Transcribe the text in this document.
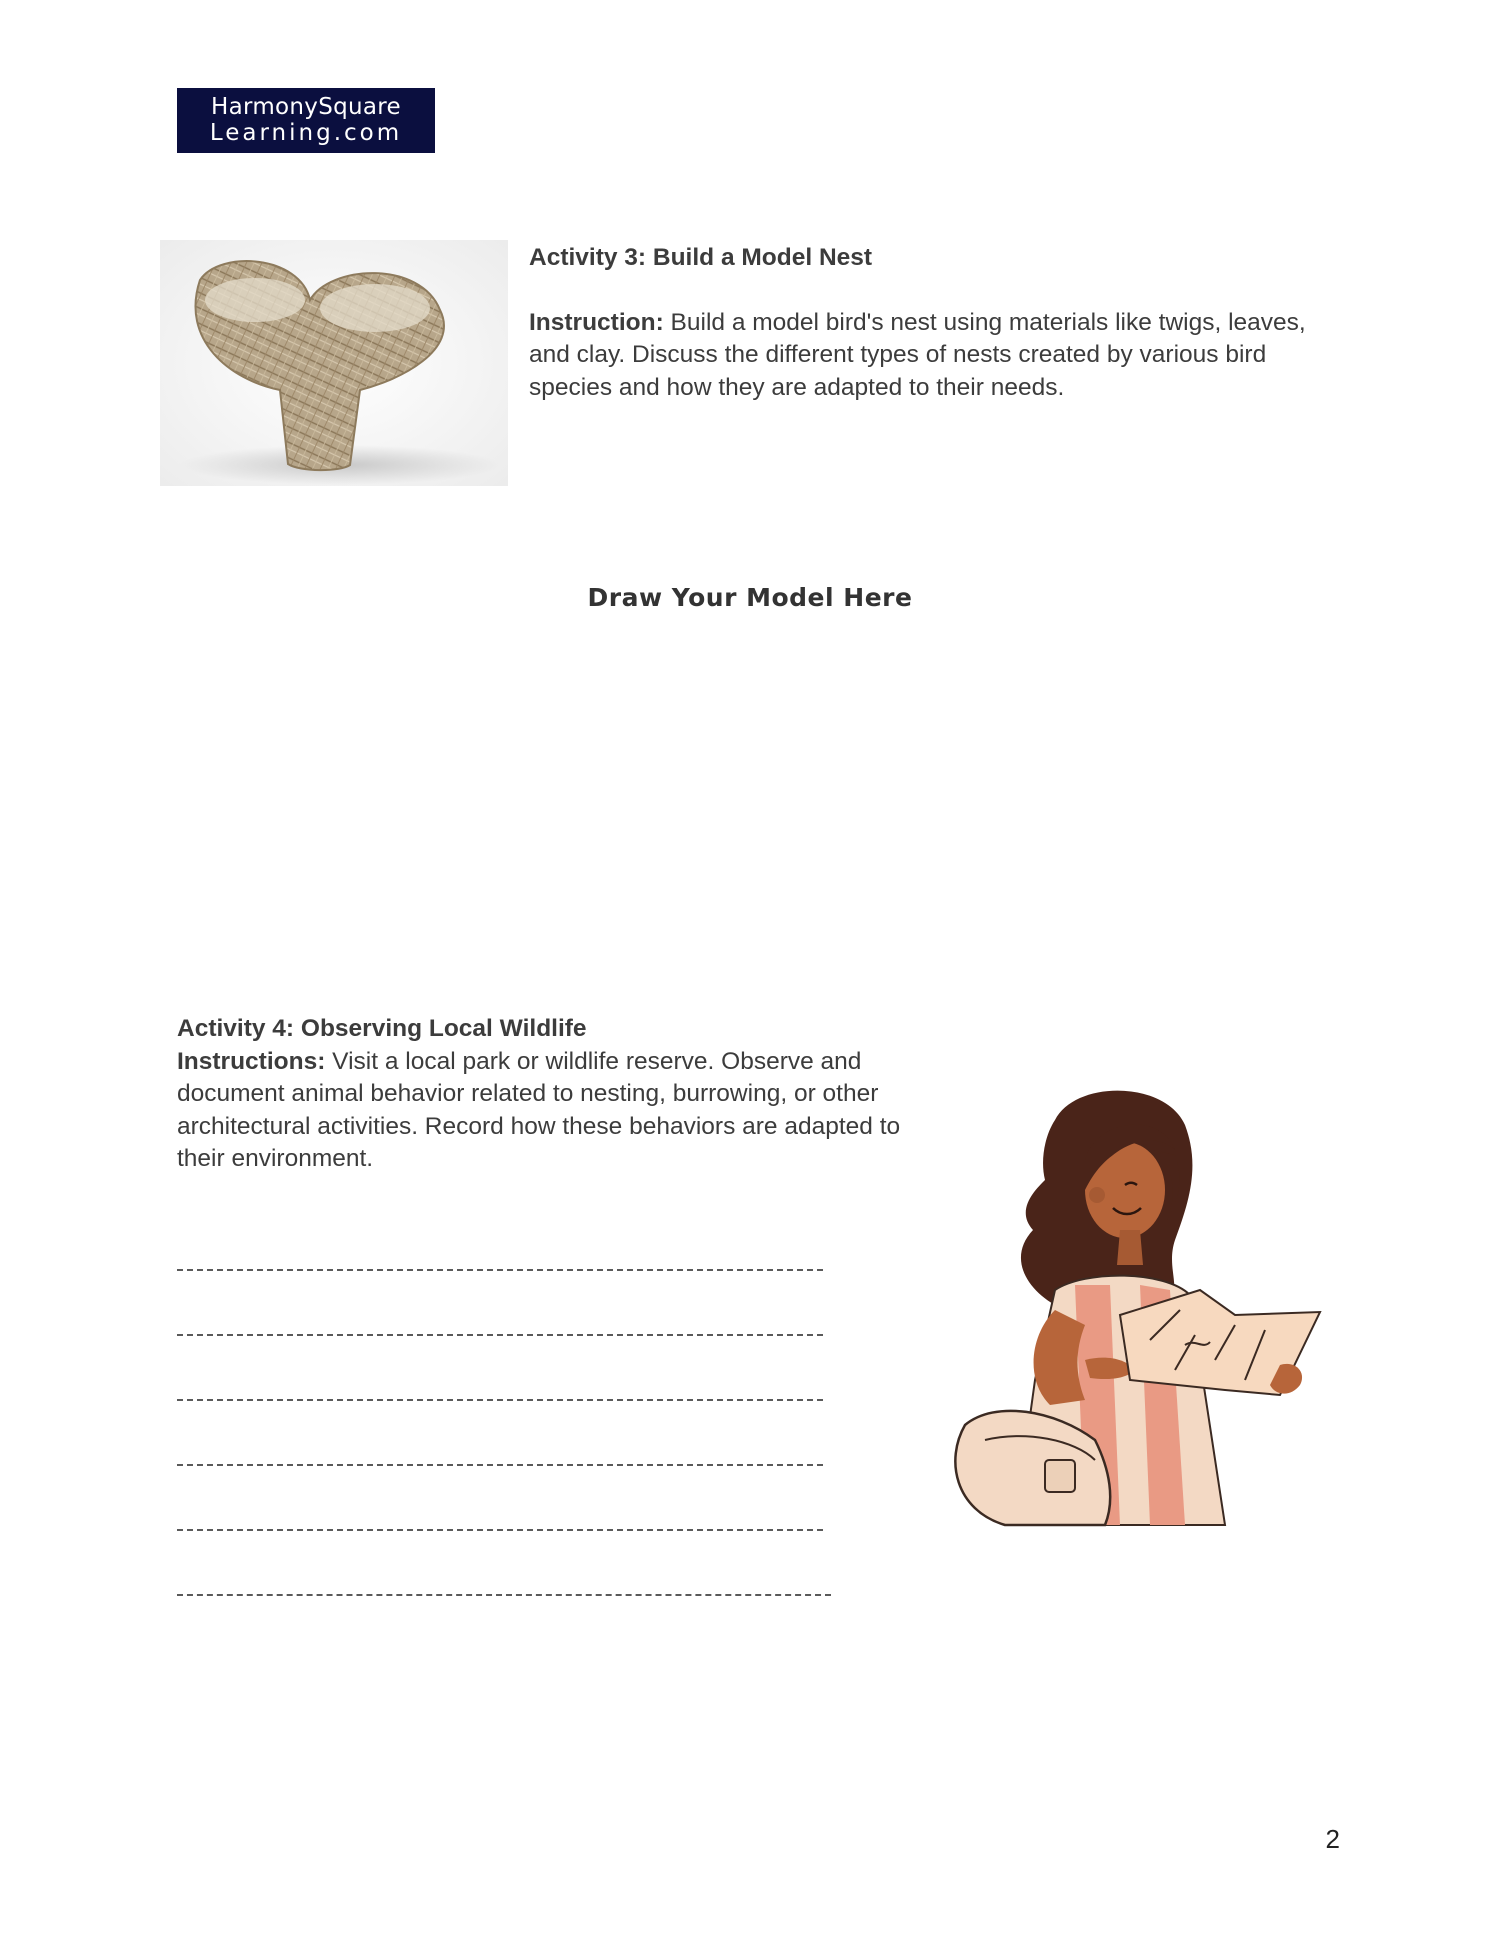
HarmonySquare
Learning.com

Activity 3: Build a Model Nest

Instruction: Build a model bird's nest using materials like twigs, leaves, and clay. Discuss the different types of nests created by various bird species and how they are adapted to their needs.

Draw Your Model Here

Activity 4: Observing Local Wildlife

Instructions: Visit a local park or wildlife reserve. Observe and document animal behavior related to nesting, burrowing, or other architectural activities. Record how these behaviors are adapted to their environment.

2
